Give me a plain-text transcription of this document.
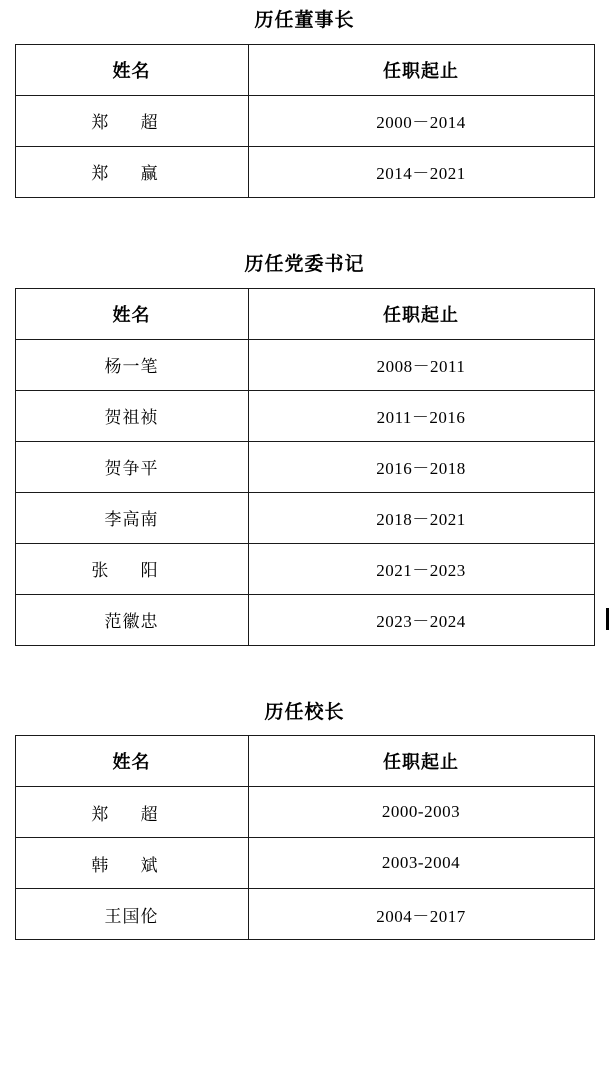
历任董事长
姓名	任职起止
郑 超	2000－2014
郑 赢	2014－2021
历任党委书记
姓名	任职起止
杨一笔	2008－2011
贺祖祯	2011－2016
贺争平	2016－2018
李高南	2018－2021
张 阳	2021－2023
范徽忠	2023－2024
历任校长
姓名	任职起止
郑 超	2000-2003
韩 斌	2003-2004
王国伦	2004－2017
